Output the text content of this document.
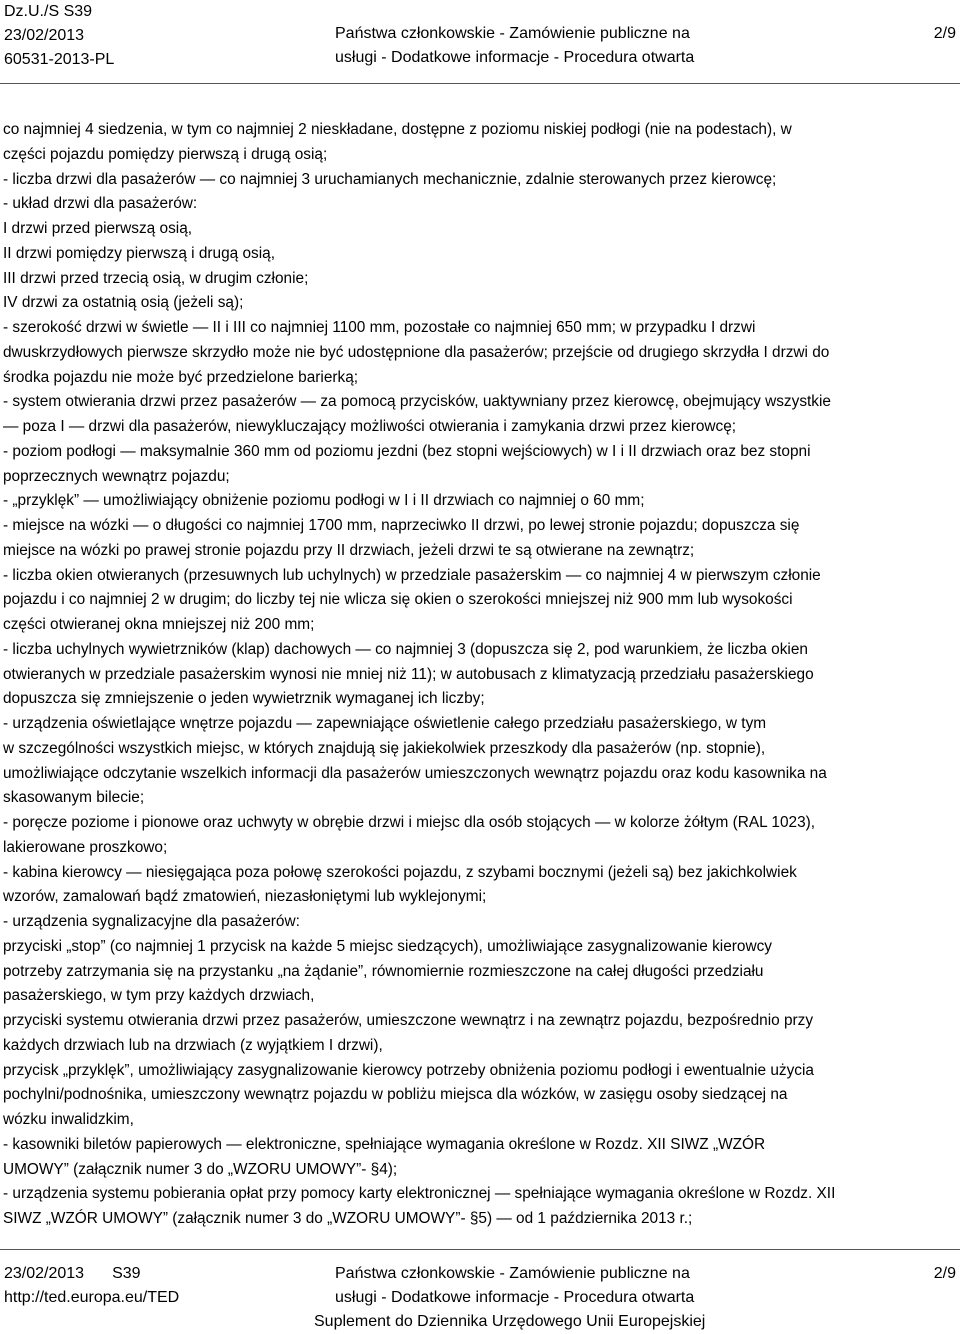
Dz.U./S S39
23/02/2013
60531-2013-PL
Państwa członkowskie - Zamówienie publiczne na
usługi - Dodatkowe informacje - Procedura otwarta
2/9
co najmniej 4 siedzenia, w tym co najmniej 2 nieskładane, dostępne z poziomu niskiej podłogi (nie na podestach), w
części pojazdu pomiędzy pierwszą i drugą osią;
- liczba drzwi dla pasażerów — co najmniej 3 uruchamianych mechanicznie, zdalnie sterowanych przez kierowcę;
- układ drzwi dla pasażerów:
I drzwi przed pierwszą osią,
II drzwi pomiędzy pierwszą i drugą osią,
III drzwi przed trzecią osią, w drugim członie;
IV drzwi za ostatnią osią (jeżeli są);
- szerokość drzwi w świetle — II i III co najmniej 1100 mm, pozostałe co najmniej 650 mm; w przypadku I drzwi
dwuskrzydłowych pierwsze skrzydło może nie być udostępnione dla pasażerów; przejście od drugiego skrzydła I drzwi do
środka pojazdu nie może być przedzielone barierką;
- system otwierania drzwi przez pasażerów — za pomocą przycisków, uaktywniany przez kierowcę, obejmujący wszystkie
— poza I — drzwi dla pasażerów, niewykluczający możliwości otwierania i zamykania drzwi przez kierowcę;
- poziom podłogi — maksymalnie 360 mm od poziomu jezdni (bez stopni wejściowych) w I i II drzwiach oraz bez stopni
poprzecznych wewnątrz pojazdu;
- „przyklęk” — umożliwiający obniżenie poziomu podłogi w I i II drzwiach co najmniej o 60 mm;
- miejsce na wózki — o długości co najmniej 1700 mm, naprzeciwko II drzwi, po lewej stronie pojazdu; dopuszcza się
miejsce na wózki po prawej stronie pojazdu przy II drzwiach, jeżeli drzwi te są otwierane na zewnątrz;
- liczba okien otwieranych (przesuwnych lub uchylnych) w przedziale pasażerskim — co najmniej 4 w pierwszym członie
pojazdu i co najmniej 2 w drugim; do liczby tej nie wlicza się okien o szerokości mniejszej niż 900 mm lub wysokości
części otwieranej okna mniejszej niż 200 mm;
- liczba uchylnych wywietrzników (klap) dachowych — co najmniej 3 (dopuszcza się 2, pod warunkiem, że liczba okien
otwieranych w przedziale pasażerskim wynosi nie mniej niż 11); w autobusach z klimatyzacją przedziału pasażerskiego
dopuszcza się zmniejszenie o jeden wywietrznik wymaganej ich liczby;
- urządzenia oświetlające wnętrze pojazdu — zapewniające oświetlenie całego przedziału pasażerskiego, w tym
w szczególności wszystkich miejsc, w których znajdują się jakiekolwiek przeszkody dla pasażerów (np. stopnie),
umożliwiające odczytanie wszelkich informacji dla pasażerów umieszczonych wewnątrz pojazdu oraz kodu kasownika na
skasowanym bilecie;
- poręcze poziome i pionowe oraz uchwyty w obrębie drzwi i miejsc dla osób stojących — w kolorze żółtym (RAL 1023),
lakierowane proszkowo;
- kabina kierowcy — niesięgająca poza połowę szerokości pojazdu, z szybami bocznymi (jeżeli są) bez jakichkolwiek
wzorów, zamalowań bądź zmatowień, niezasłoniętymi lub wyklejonymi;
- urządzenia sygnalizacyjne dla pasażerów:
przyciski „stop” (co najmniej 1 przycisk na każde 5 miejsc siedzących), umożliwiające zasygnalizowanie kierowcy
potrzeby zatrzymania się na przystanku „na żądanie”, równomiernie rozmieszczone na całej długości przedziału
pasażerskiego, w tym przy każdych drzwiach,
przyciski systemu otwierania drzwi przez pasażerów, umieszczone wewnątrz i na zewnątrz pojazdu, bezpośrednio przy
każdych drzwiach lub na drzwiach (z wyjątkiem I drzwi),
przycisk „przyklęk”, umożliwiający zasygnalizowanie kierowcy potrzeby obniżenia poziomu podłogi i ewentualnie użycia
pochylni/podnośnika, umieszczony wewnątrz pojazdu w pobliżu miejsca dla wózków, w zasięgu osoby siedzącej na
wózku inwalidzkim,
- kasowniki biletów papierowych — elektroniczne, spełniające wymagania określone w Rozdz. XII SIWZ „WZÓR
UMOWY” (załącznik numer 3 do „WZORU UMOWY”- §4);
- urządzenia systemu pobierania opłat przy pomocy karty elektronicznej — spełniające wymagania określone w Rozdz. XII
SIWZ „WZÓR UMOWY” (załącznik numer 3 do „WZORU UMOWY”- §5) — od 1 października 2013 r.;
23/02/2013 S39
http://ted.europa.eu/TED
Państwa członkowskie - Zamówienie publiczne na
usługi - Dodatkowe informacje - Procedura otwarta
Suplement do Dziennika Urzędowego Unii Europejskiej
2/9
